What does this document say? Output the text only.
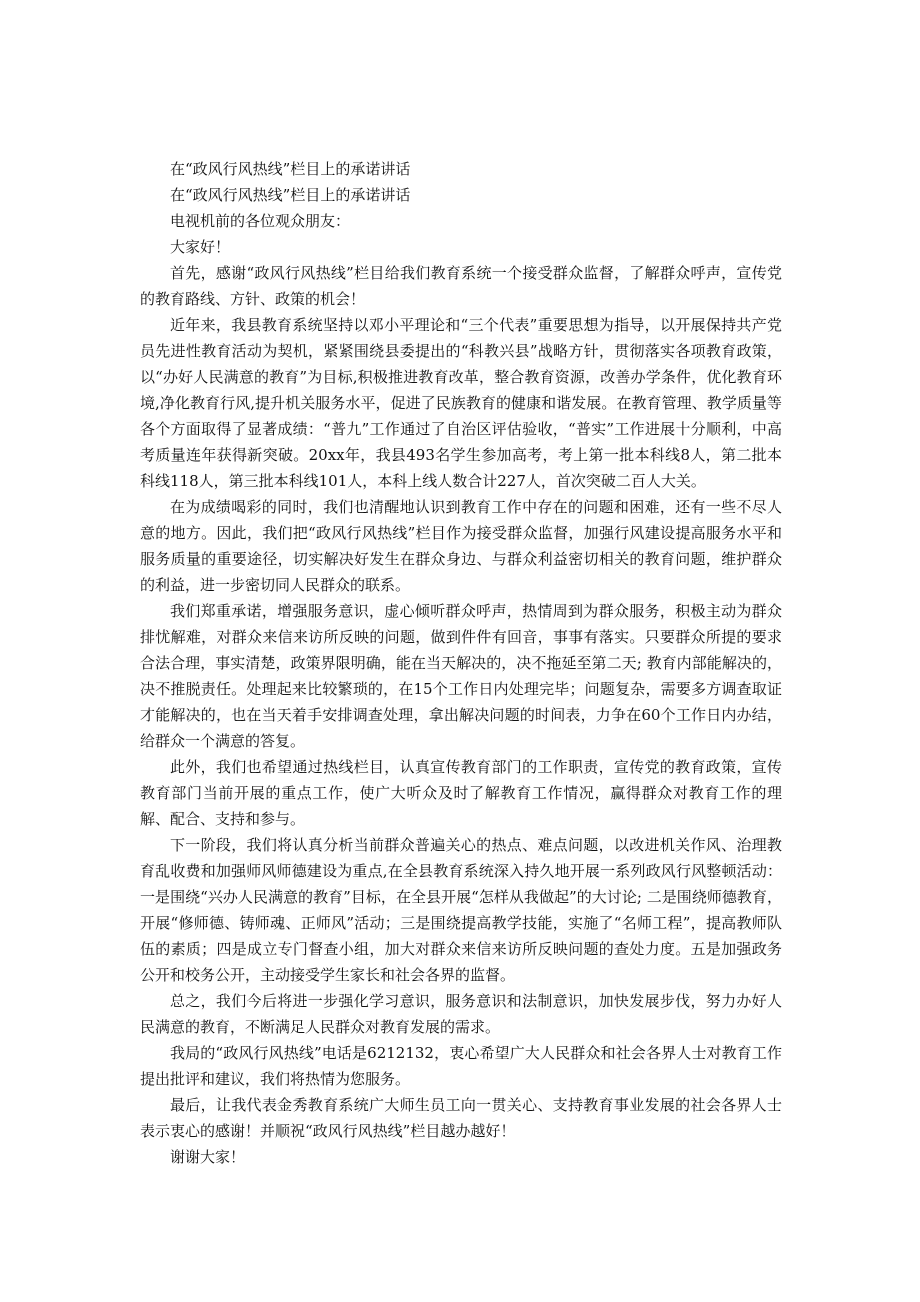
在“政风行风热线”栏目上的承诺讲话

在“政风行风热线”栏目上的承诺讲话

电视机前的各位观众朋友：

大家好！

首先，感谢“政风行风热线”栏目给我们教育系统一个接受群众监督，了解群众呼声，宣传党的教育路线、方针、政策的机会！

近年来，我县教育系统坚持以邓小平理论和“三个代表”重要思想为指导，以开展保持共产党员先进性教育活动为契机，紧紧围绕县委提出的“科教兴县”战略方针，贯彻落实各项教育政策，以“办好人民满意的教育”为目标,积极推进教育改革，整合教育资源，改善办学条件，优化教育环境,净化教育行风,提升机关服务水平，促进了民族教育的健康和谐发展。在教育管理、教学质量等各个方面取得了显著成绩：“普九”工作通过了自治区评估验收，“普实”工作进展十分顺利，中高考质量连年获得新突破。20xx年，我县493名学生参加高考，考上第一批本科线8人，第二批本科线118人，第三批本科线101人，本科上线人数合计227人，首次突破二百人大关。

在为成绩喝彩的同时，我们也清醒地认识到教育工作中存在的问题和困难，还有一些不尽人意的地方。因此，我们把“政风行风热线”栏目作为接受群众监督，加强行风建设提高服务水平和服务质量的重要途径，切实解决好发生在群众身边、与群众利益密切相关的教育问题，维护群众的利益，进一步密切同人民群众的联系。

我们郑重承诺，增强服务意识，虚心倾听群众呼声，热情周到为群众服务，积极主动为群众排忧解难，对群众来信来访所反映的问题，做到件件有回音，事事有落实。只要群众所提的要求合法合理，事实清楚，政策界限明确，能在当天解决的，决不拖延至第二天; 教育内部能解决的，决不推脱责任。处理起来比较繁琐的，在15个工作日内处理完毕；问题复杂，需要多方调查取证才能解决的，也在当天着手安排调查处理，拿出解决问题的时间表，力争在60个工作日内办结，给群众一个满意的答复。

此外，我们也希望通过热线栏目，认真宣传教育部门的工作职责，宣传党的教育政策，宣传教育部门当前开展的重点工作，使广大听众及时了解教育工作情况，赢得群众对教育工作的理解、配合、支持和参与。

下一阶段，我们将认真分析当前群众普遍关心的热点、难点问题，以改进机关作风、治理教育乱收费和加强师风师德建设为重点,在全县教育系统深入持久地开展一系列政风行风整顿活动：一是围绕“兴办人民满意的教育”目标，在全县开展“怎样从我做起”的大讨论; 二是围绕师德教育，开展“修师德、铸师魂、正师风”活动；三是围绕提高教学技能，实施了“名师工程”，提高教师队伍的素质；四是成立专门督查小组，加大对群众来信来访所反映问题的查处力度。五是加强政务公开和校务公开，主动接受学生家长和社会各界的监督。

总之，我们今后将进一步强化学习意识，服务意识和法制意识，加快发展步伐，努力办好人民满意的教育，不断满足人民群众对教育发展的需求。

我局的“政风行风热线”电话是6212132，衷心希望广大人民群众和社会各界人士对教育工作提出批评和建议，我们将热情为您服务。

最后，让我代表金秀教育系统广大师生员工向一贯关心、支持教育事业发展的社会各界人士表示衷心的感谢！并顺祝“政风行风热线”栏目越办越好！

谢谢大家！
